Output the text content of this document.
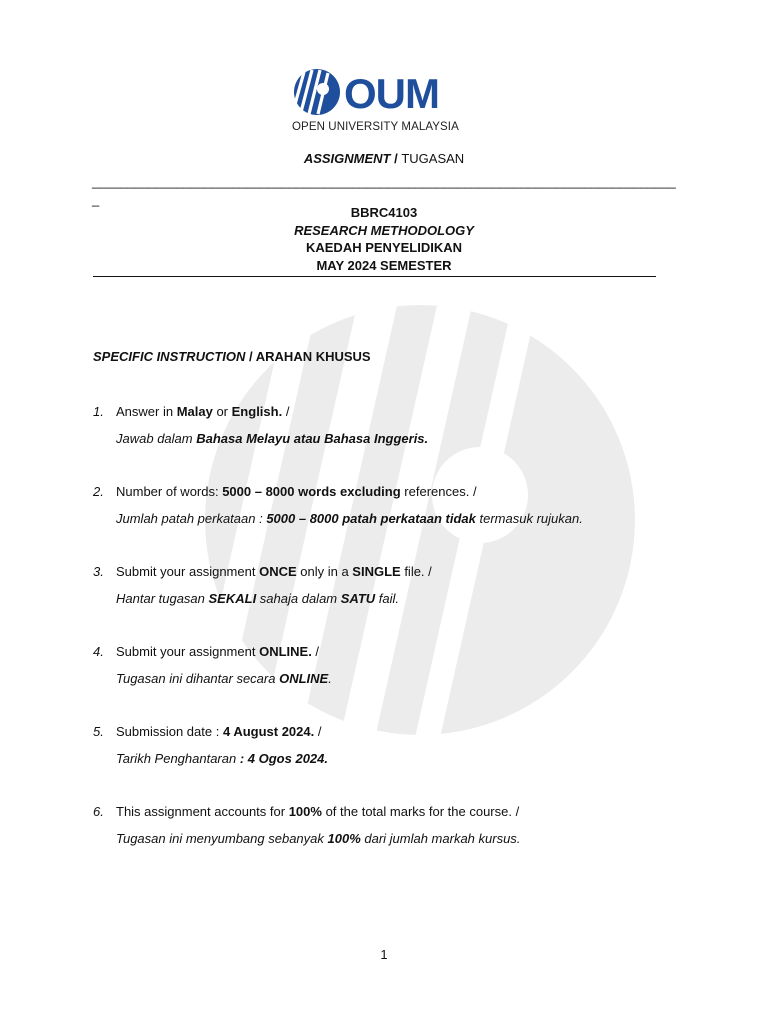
OUM
OPEN UNIVERSITY MALAYSIA
ASSIGNMENT / TUGASAN
___________________________________________________________________________________
_
BBRC4103
RESEARCH METHODOLOGY
KAEDAH PENYELIDIKAN
MAY 2024 SEMESTER
SPECIFIC INSTRUCTION / ARAHAN KHUSUS
1. Answer in Malay or English. /
Jawab dalam Bahasa Melayu atau Bahasa Inggeris.
2. Number of words: 5000 – 8000 words excluding references. /
Jumlah patah perkataan : 5000 – 8000 patah perkataan tidak termasuk rujukan.
3. Submit your assignment ONCE only in a SINGLE file. /
Hantar tugasan SEKALI sahaja dalam SATU fail.
4. Submit your assignment ONLINE. /
Tugasan ini dihantar secara ONLINE.
5. Submission date : 4 August 2024. /
Tarikh Penghantaran : 4 Ogos 2024.
6. This assignment accounts for 100% of the total marks for the course. /
Tugasan ini menyumbang sebanyak 100% dari jumlah markah kursus.
1
